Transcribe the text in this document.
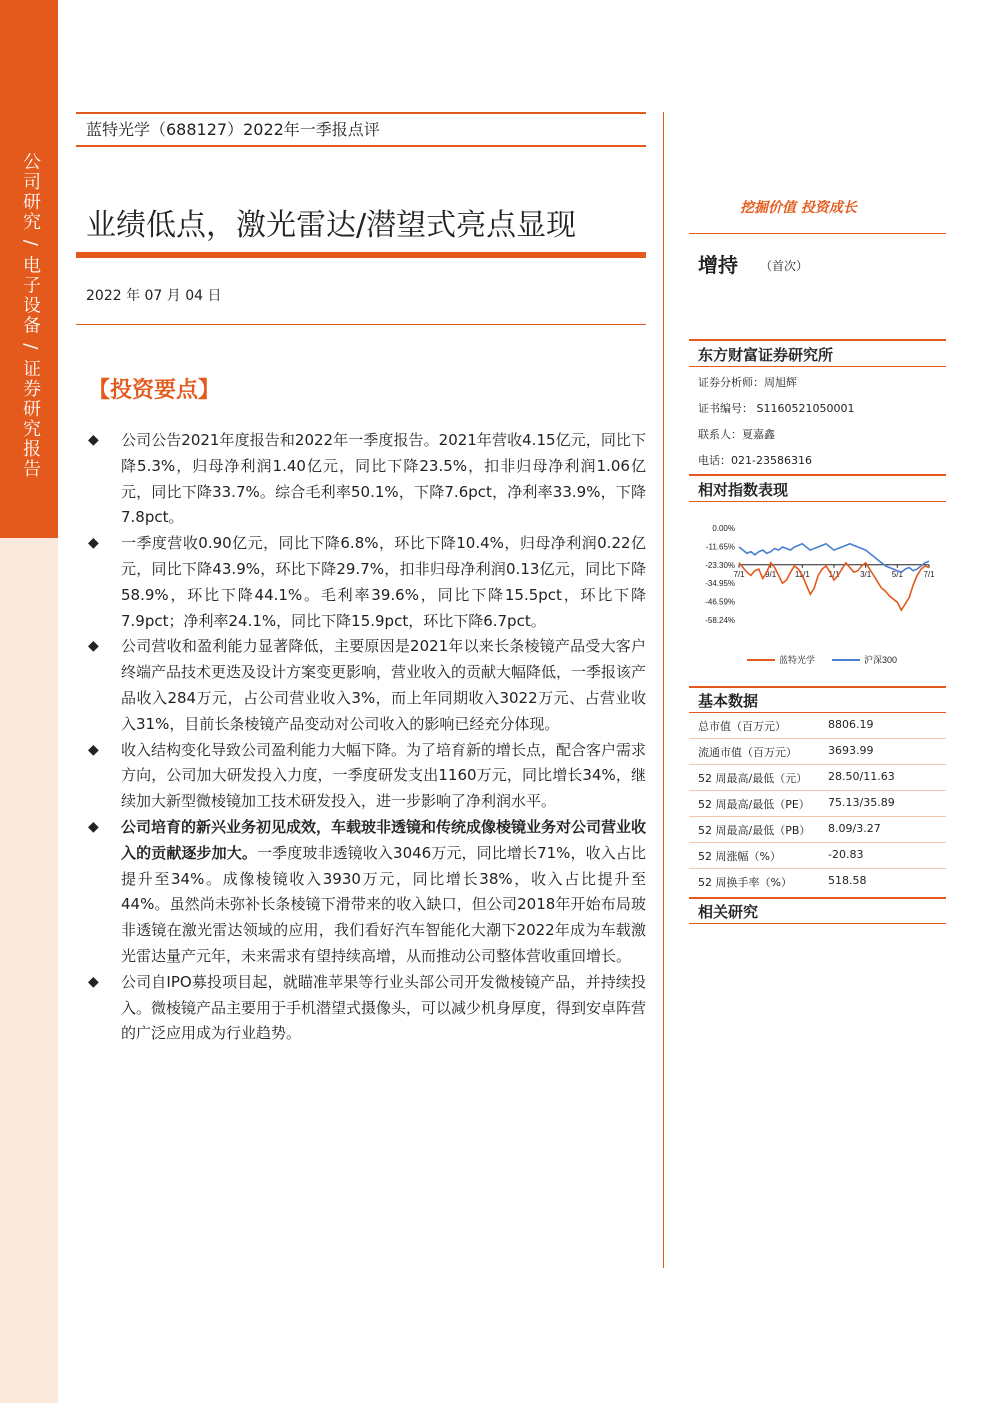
公司研究 / 电子设备 / 证券研究报告
蓝特光学（688127）2022年一季报点评
业绩低点，激光雷达/潜望式亮点显现
2022 年 07 月 04 日
【投资要点】
◆ 公司公告2021年度报告和2022年一季度报告。2021年营收4.15亿元，同比下降5.3%，归母净利润1.40亿元，同比下降23.5%，扣非归母净利润1.06亿元，同比下降33.7%。综合毛利率50.1%，下降7.6pct，净利率33.9%，下降7.8pct。
◆ 一季度营收0.90亿元，同比下降6.8%，环比下降10.4%，归母净利润0.22亿元，同比下降43.9%，环比下降29.7%，扣非归母净利润0.13亿元，同比下降58.9%，环比下降44.1%。毛利率39.6%，同比下降15.5pct，环比下降7.9pct；净利率24.1%，同比下降15.9pct，环比下降6.7pct。
◆ 公司营收和盈利能力显著降低，主要原因是2021年以来长条棱镜产品受大客户终端产品技术更迭及设计方案变更影响，营业收入的贡献大幅降低，一季报该产品收入284万元，占公司营业收入3%，而上年同期收入3022万元、占营业收入31%，目前长条棱镜产品变动对公司收入的影响已经充分体现。
◆ 收入结构变化导致公司盈利能力大幅下降。为了培育新的增长点，配合客户需求方向，公司加大研发投入力度，一季度研发支出1160万元，同比增长34%，继续加大新型微棱镜加工技术研发投入，进一步影响了净利润水平。
◆ 公司培育的新兴业务初见成效，车载玻非透镜和传统成像棱镜业务对公司营业收入的贡献逐步加大。一季度玻非透镜收入3046万元，同比增长71%，收入占比提升至34%。成像棱镜收入3930万元，同比增长38%，收入占比提升至44%。虽然尚未弥补长条棱镜下滑带来的收入缺口，但公司2018年开始布局玻非透镜在激光雷达领域的应用，我们看好汽车智能化大潮下2022年成为车载激光雷达量产元年，未来需求有望持续高增，从而推动公司整体营收重回增长。
◆ 公司自IPO募投项目起，就瞄准苹果等行业头部公司开发微棱镜产品，并持续投入。微棱镜产品主要用于手机潜望式摄像头，可以减少机身厚度，得到安卓阵营的广泛应用成为行业趋势。
挖掘价值 投资成长
增持 （首次）
东方财富证券研究所
证券分析师：周旭辉
证书编号： S1160521050001
联系人：夏嘉鑫
电话：021-23586316
相对指数表现
0.00%
-11.65%
-23.30%
-34.95%
-46.59%
-58.24%
7/1	9/1 11/1 1/1	3/1	5/1	7/1
蓝特光学	沪深300
基本数据
总市值（百万元）	8806.19
流通市值（百万元）	3693.99
52 周最高/最低（元） 28.50/11.63
52 周最高/最低（PE） 75.13/35.89
52 周最高/最低（PB） 8.09/3.27
52 周涨幅（%）	-20.83
52 周换手率（%）	518.58
相关研究
